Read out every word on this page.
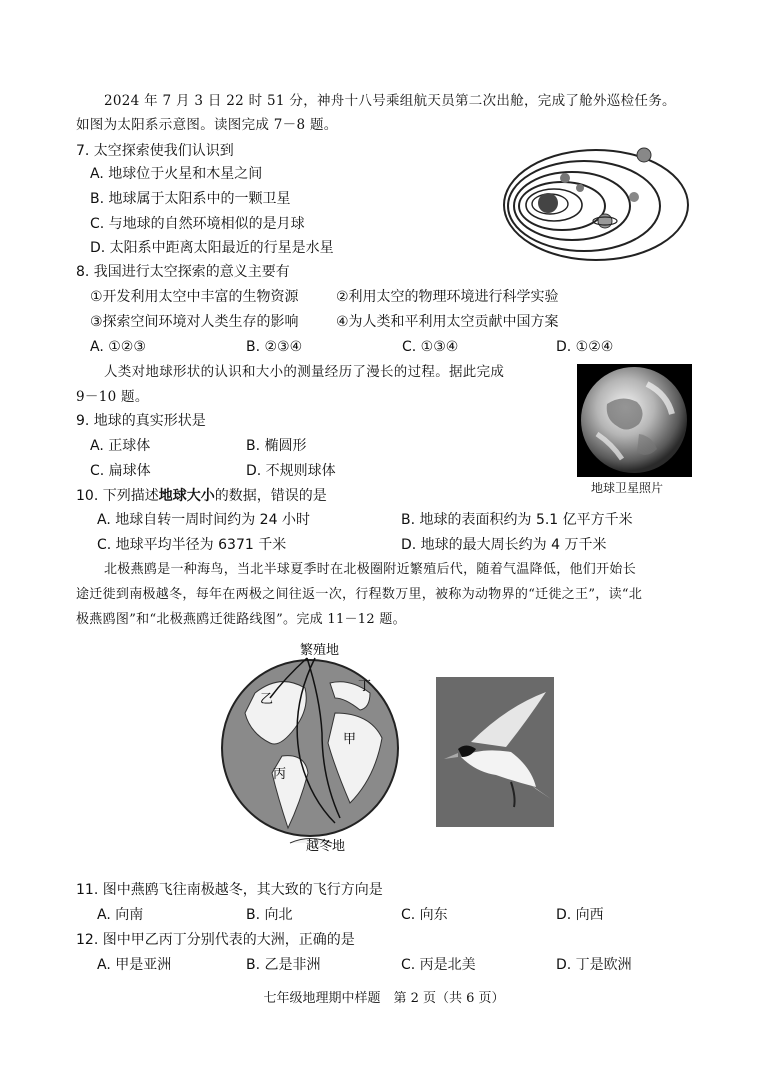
2024 年 7 月 3 日 22 时 51 分，神舟十八号乘组航天员第二次出舱，完成了舱外巡检任务。
如图为太阳系示意图。读图完成 7－8 题。
7. 太空探索使我们认识到
A. 地球位于火星和木星之间
B. 地球属于太阳系中的一颗卫星
C. 与地球的自然环境相似的是月球
D. 太阳系中距离太阳最近的行星是水星
8. 我国进行太空探索的意义主要有
①开发利用太空中丰富的生物资源	②利用太空的物理环境进行科学实验
③探索空间环境对人类生存的影响	④为人类和平利用太空贡献中国方案
A. ①②③	B. ②③④	C. ①③④	D. ①②④
人类对地球形状的认识和大小的测量经历了漫长的过程。据此完成
9－10 题。
地球卫星照片
9. 地球的真实形状是
A. 正球体	B. 椭圆形
C. 扁球体	D. 不规则球体
10. 下列描述地球大小的数据，错误的是
A. 地球自转一周时间约为 24 小时	B. 地球的表面积约为 5.1 亿平方千米
C. 地球平均半径为 6371 千米	D. 地球的最大周长约为 4 万千米
北极燕鸥是一种海鸟，当北半球夏季时在北极圈附近繁殖后代，随着气温降低，他们开始长
途迁徙到南极越冬，每年在两极之间往返一次，行程数万里，被称为动物界的“迁徙之王”，读“北
极燕鸥图”和“北极燕鸥迁徙路线图”。完成 11－12 题。
繁殖地
乙
丁
甲
丙
越冬地
11. 图中燕鸥飞往南极越冬，其大致的飞行方向是
A. 向南	B. 向北	C. 向东	D. 向西
12. 图中甲乙丙丁分别代表的大洲，正确的是
A. 甲是亚洲	B. 乙是非洲	C. 丙是北美	D. 丁是欧洲
七年级地理期中样题　第 2 页（共 6 页）
